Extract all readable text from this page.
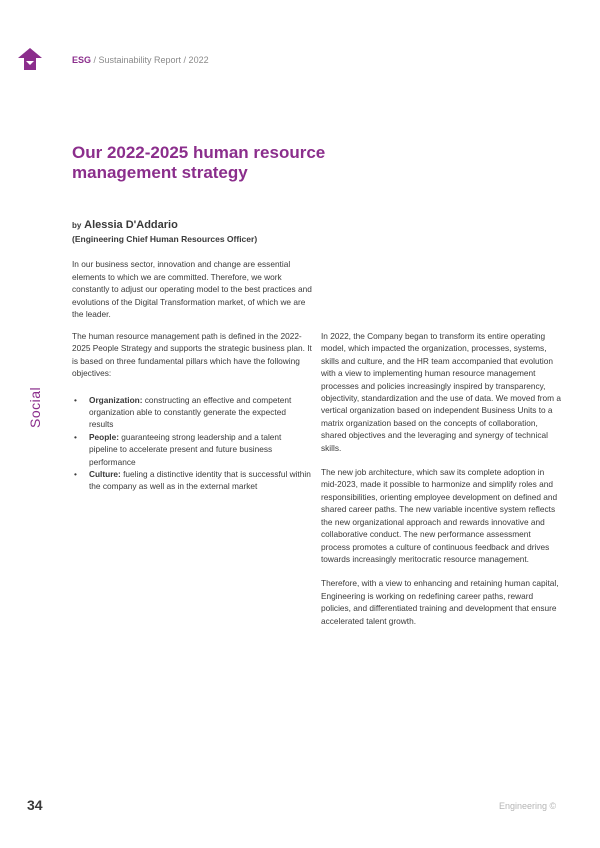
ESG / Sustainability Report / 2022
Our 2022-2025 human resource management strategy
by Alessia D'Addario
(Engineering Chief Human Resources Officer)

In our business sector, innovation and change are essential elements to which we are committed. Therefore, we work constantly to adjust our operating model to the best practices and evolutions of the Digital Transformation market, of which we are the leader.

The human resource management path is defined in the 2022-2025 People Strategy and supports the strategic business plan. It is based on three fundamental pillars which have the following objectives:

• Organization: constructing an effective and competent organization able to constantly generate the expected results
• People: guaranteeing strong leadership and a talent pipeline to accelerate present and future business performance
• Culture: fueling a distinctive identity that is successful within the company as well as in the external market

In 2022, the Company began to transform its entire operating model, which impacted the organization, processes, systems, skills and culture, and the HR team accompanied that evolution with a view to implementing human resource management processes and policies increasingly inspired by transparency, objectivity, standardization and the use of data. We moved from a vertical organization based on independent Business Units to a matrix organization based on the concepts of collaboration, shared objectives and the leveraging and synergy of technical skills.

The new job architecture, which saw its complete adoption in mid-2023, made it possible to harmonize and simplify roles and responsibilities, orienting employee development on defined and shared career paths. The new variable incentive system reflects the new organizational approach and rewards innovative and collaborative conduct. The new performance assessment process promotes a culture of continuous feedback and drives towards increasingly meritocratic resource management.

Therefore, with a view to enhancing and retaining human capital, Engineering is working on redefining career paths, reward policies, and differentiated training and development that ensure accelerated talent growth.

Social
34	Engineering ©
